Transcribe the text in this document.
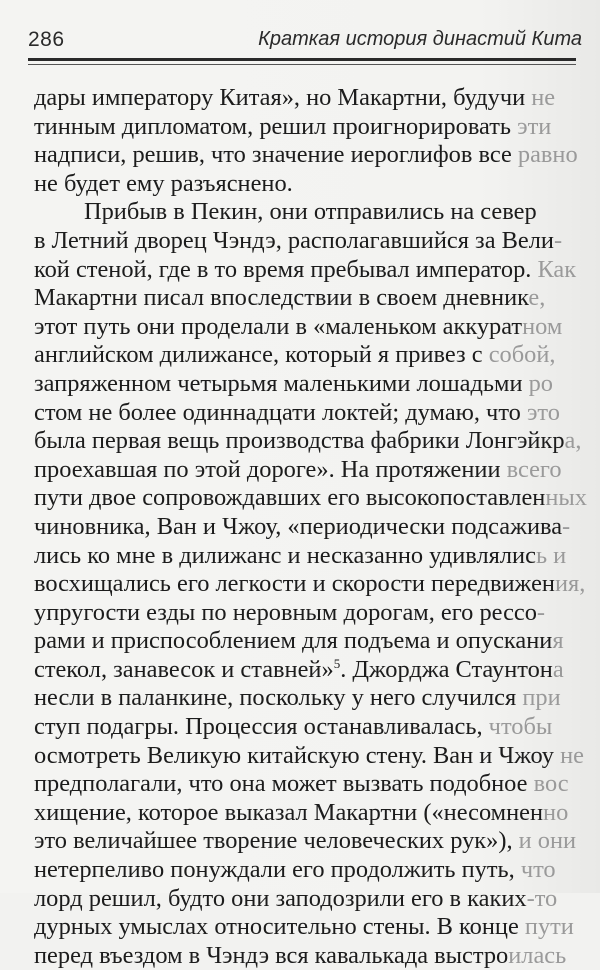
286	Краткая история династий Кита
дары императору Китая», но Макартни, будучи не
тинным дипломатом, решил проигнорировать эти
надписи, решив, что значение иероглифов все равно
не будет ему разъяснено.
Прибыв в Пекин, они отправились на север
в Летний дворец Чэндэ, располагавшийся за Вели-
кой стеной, где в то время пребывал император. Как
Макартни писал впоследствии в своем дневнике,
этот путь они проделали в «маленьком аккуратном
английском дилижансе, который я привез с собой,
запряженном четырьмя маленькими лошадьми ро
стом не более одиннадцати локтей; думаю, что это
была первая вещь производства фабрики Лонгэйкра,
проехавшая по этой дороге». На протяжении всего
пути двое сопровождавших его высокопоставленных
чиновника, Ван и Чжоу, «периодически подсажива-
лись ко мне в дилижанс и несказанно удивлялись и
восхищались его легкости и скорости передвижения,
упругости езды по неровным дорогам, его рессо-
рами и приспособлением для подъема и опускания
стекол, занавесок и ставней»$^5$. Джорджа Стаунтона
несли в паланкине, поскольку у него случился при
ступ подагры. Процессия останавливалась, чтобы
осмотреть Великую китайскую стену. Ван и Чжоу не
предполагали, что она может вызвать подобное вос
хищение, которое выказал Макартни («несомненно
это величайшее творение человеческих рук»), и они
нетерпеливо понуждали его продолжить путь, что
лорд решил, будто они заподозрили его в каких-то
дурных умыслах относительно стены. В конце пути
перед въездом в Чэндэ вся кавалькада выстроилась
